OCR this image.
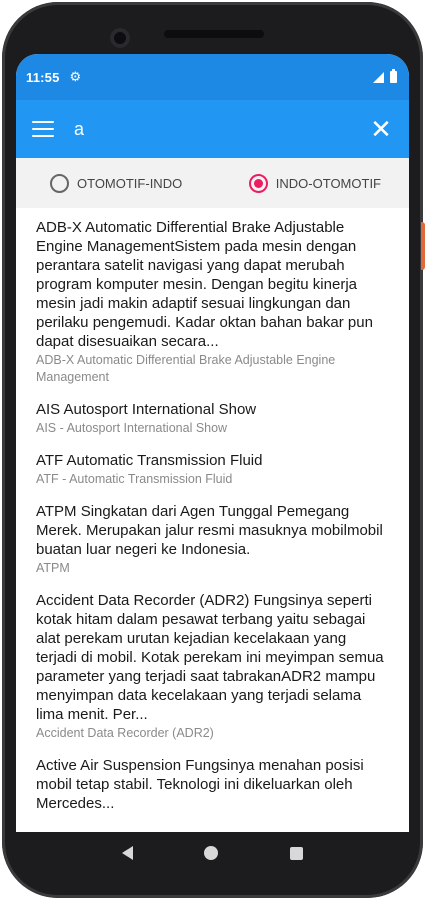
11:55 ⚙
a
✕
OTOMOTIF-INDO	INDO-OTOMOTIF
ADB-X Automatic Differential Brake Adjustable Engine ManagementSistem pada mesin dengan perantara satelit navigasi yang dapat merubah program komputer mesin. Dengan begitu kinerja mesin jadi makin adaptif sesuai lingkungan dan perilaku pengemudi. Kadar oktan bahan bakar pun dapat disesuaikan secara...
ADB-X Automatic Differential Brake Adjustable Engine Management
AIS Autosport International Show
AIS - Autosport International Show
ATF Automatic Transmission Fluid
ATF - Automatic Transmission Fluid
ATPM Singkatan dari Agen Tunggal Pemegang Merek. Merupakan jalur resmi masuknya mobilmobil buatan luar negeri ke Indonesia.
ATPM
Accident Data Recorder (ADR2) Fungsinya seperti kotak hitam dalam pesawat terbang yaitu sebagai alat perekam urutan kejadian kecelakaan yang terjadi di mobil. Kotak perekam ini meyimpan semua parameter yang terjadi saat tabrakanADR2 mampu menyimpan data kecelakaan yang terjadi selama lima menit. Per...
Accident Data Recorder (ADR2)
Active Air Suspension Fungsinya menahan posisi mobil tetap stabil. Teknologi ini dikeluarkan oleh Mercedes...
